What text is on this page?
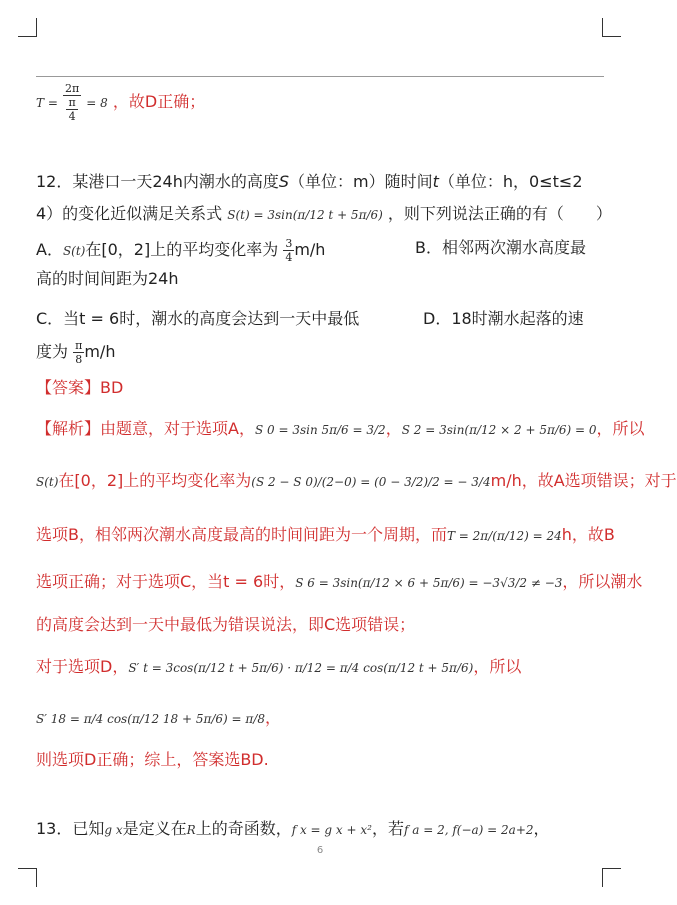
$T = \frac{2\pi}{\frac{\pi}{4}} = 8$ ，故D正确；
12．某港口一天24h内潮水的高度S（单位：m）随时间t（单位：h，0≤t≤2
4）的变化近似满足关系式 S(t) = 3sin(π/12 t + 5π/6) ，则下列说法正确的有（　　）
A．S(t)在[0，2]上的平均变化率为 $\frac{3}{4} m/h$	B．相邻两次潮水高度最
高的时间间距为24h
C．当t = 6时，潮水的高度会达到一天中最低	D．18时潮水起落的速
度为 $\frac{\pi}{8} m/h$
【答案】BD
【解析】由题意，对于选项A，S 0 = 3sin 5π/6 = 3/2，S 2 = 3sin(π/12 × 2 + 5π/6) = 0，所以
S(t)在[0，2]上的平均变化率为(S 2 − S 0)/(2−0) = (0 − 3/2)/2 = − 3/4m/h，故A选项错误；对于
选项B，相邻两次潮水高度最高的时间间距为一个周期，而T = 2π/(π/12) = 24h，故B
选项正确；对于选项C，当t = 6时，S 6 = 3sin(π/12 × 6 + 5π/6) = −3√3/2 ≠ −3，所以潮水
的高度会达到一天中最低为错误说法，即C选项错误；
对于选项D，S′ t = 3cos(π/12 t + 5π/6) · π/12 = π/4 cos(π/12 t + 5π/6)，所以
S′ 18 = π/4 cos(π/12 18 + 5π/6) = π/8，
则选项D正确；综上，答案选BD.
13．已知g x是定义在R上的奇函数，f x = g x + x²，若f a = 2, f(−a) = 2a+2，
6
